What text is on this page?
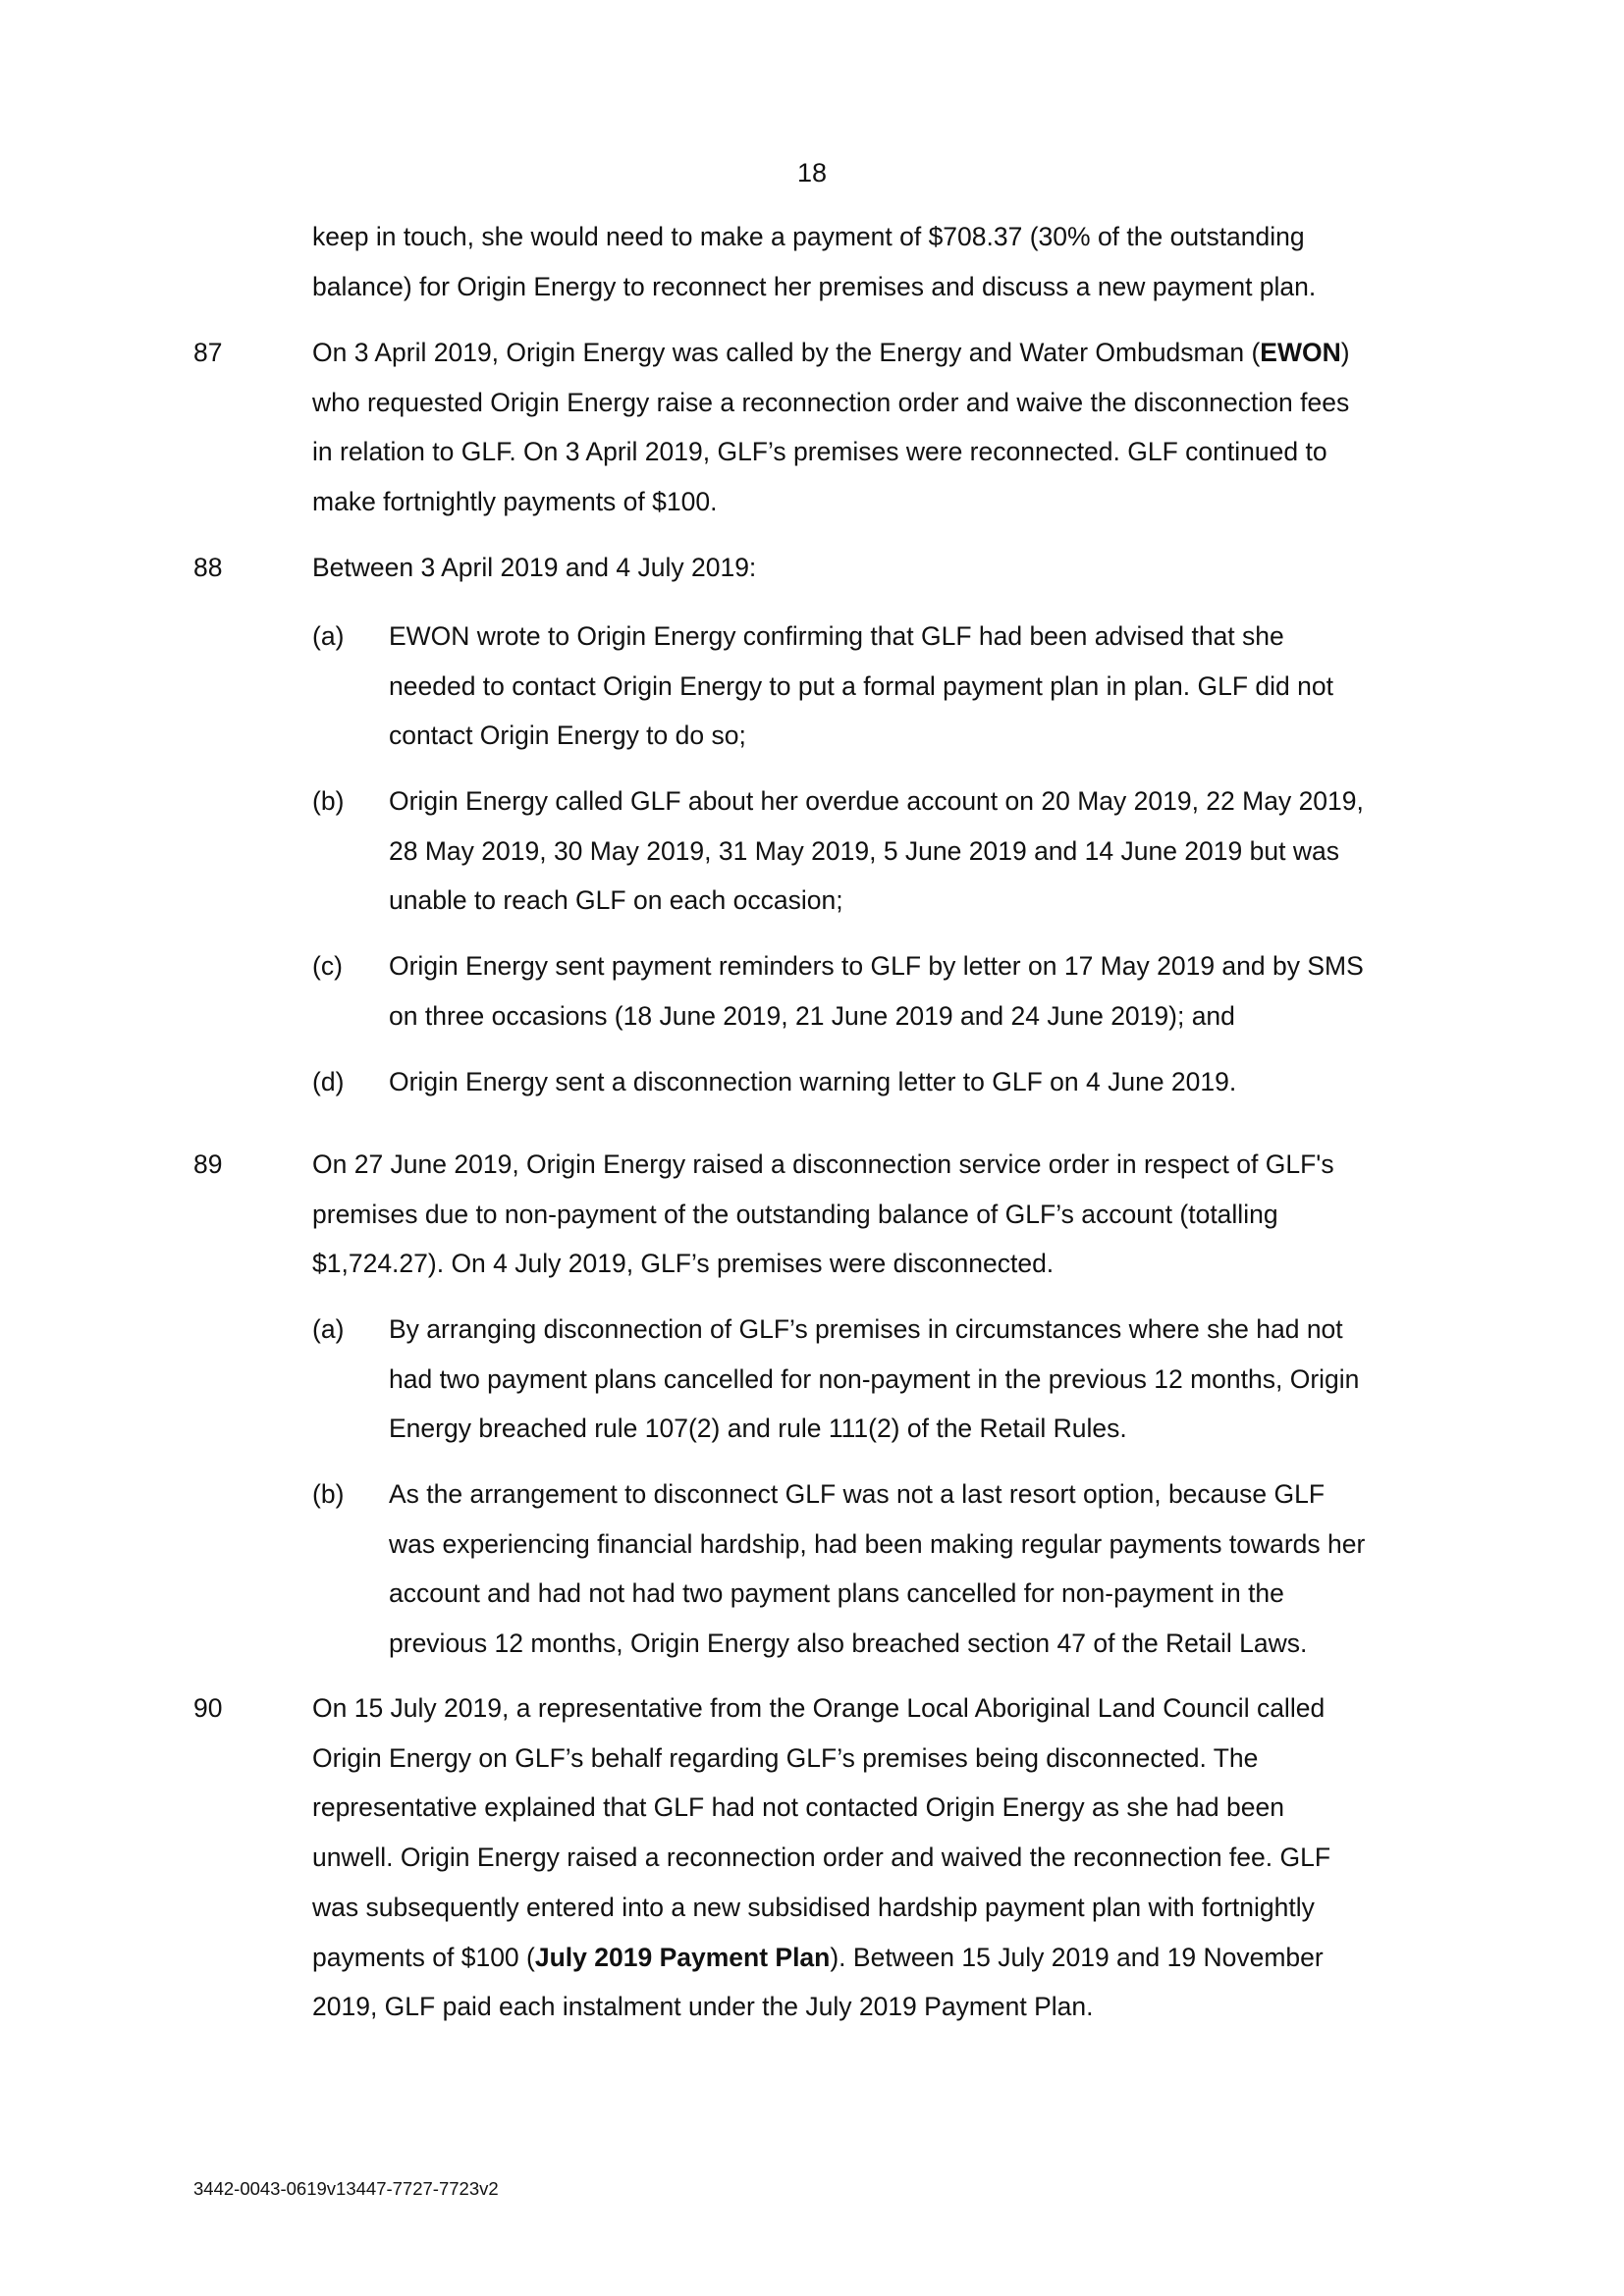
18
keep in touch, she would need to make a payment of $708.37 (30% of the outstanding
balance) for Origin Energy to reconnect her premises and discuss a new payment plan.
87	On 3 April 2019, Origin Energy was called by the Energy and Water Ombudsman (EWON)
who requested Origin Energy raise a reconnection order and waive the disconnection fees
in relation to GLF. On 3 April 2019, GLF’s premises were reconnected. GLF continued to
make fortnightly payments of $100.
88	Between 3 April 2019 and 4 July 2019:
(a) EWON wrote to Origin Energy confirming that GLF had been advised that she
needed to contact Origin Energy to put a formal payment plan in plan. GLF did not
contact Origin Energy to do so;
(b) Origin Energy called GLF about her overdue account on 20 May 2019, 22 May 2019,
28 May 2019, 30 May 2019, 31 May 2019, 5 June 2019 and 14 June 2019 but was
unable to reach GLF on each occasion;
(c) Origin Energy sent payment reminders to GLF by letter on 17 May 2019 and by SMS
on three occasions (18 June 2019, 21 June 2019 and 24 June 2019); and
(d) Origin Energy sent a disconnection warning letter to GLF on 4 June 2019.
89	On 27 June 2019, Origin Energy raised a disconnection service order in respect of GLF's
premises due to non-payment of the outstanding balance of GLF’s account (totalling
$1,724.27). On 4 July 2019, GLF’s premises were disconnected.
(a) By arranging disconnection of GLF’s premises in circumstances where she had not
had two payment plans cancelled for non-payment in the previous 12 months, Origin
Energy breached rule 107(2) and rule 111(2) of the Retail Rules.
(b) As the arrangement to disconnect GLF was not a last resort option, because GLF
was experiencing financial hardship, had been making regular payments towards her
account and had not had two payment plans cancelled for non-payment in the
previous 12 months, Origin Energy also breached section 47 of the Retail Laws.
90	On 15 July 2019, a representative from the Orange Local Aboriginal Land Council called
Origin Energy on GLF’s behalf regarding GLF’s premises being disconnected. The
representative explained that GLF had not contacted Origin Energy as she had been
unwell. Origin Energy raised a reconnection order and waived the reconnection fee. GLF
was subsequently entered into a new subsidised hardship payment plan with fortnightly
payments of $100 (July 2019 Payment Plan). Between 15 July 2019 and 19 November
2019, GLF paid each instalment under the July 2019 Payment Plan.
3442-0043-0619v13447-7727-7723v2
